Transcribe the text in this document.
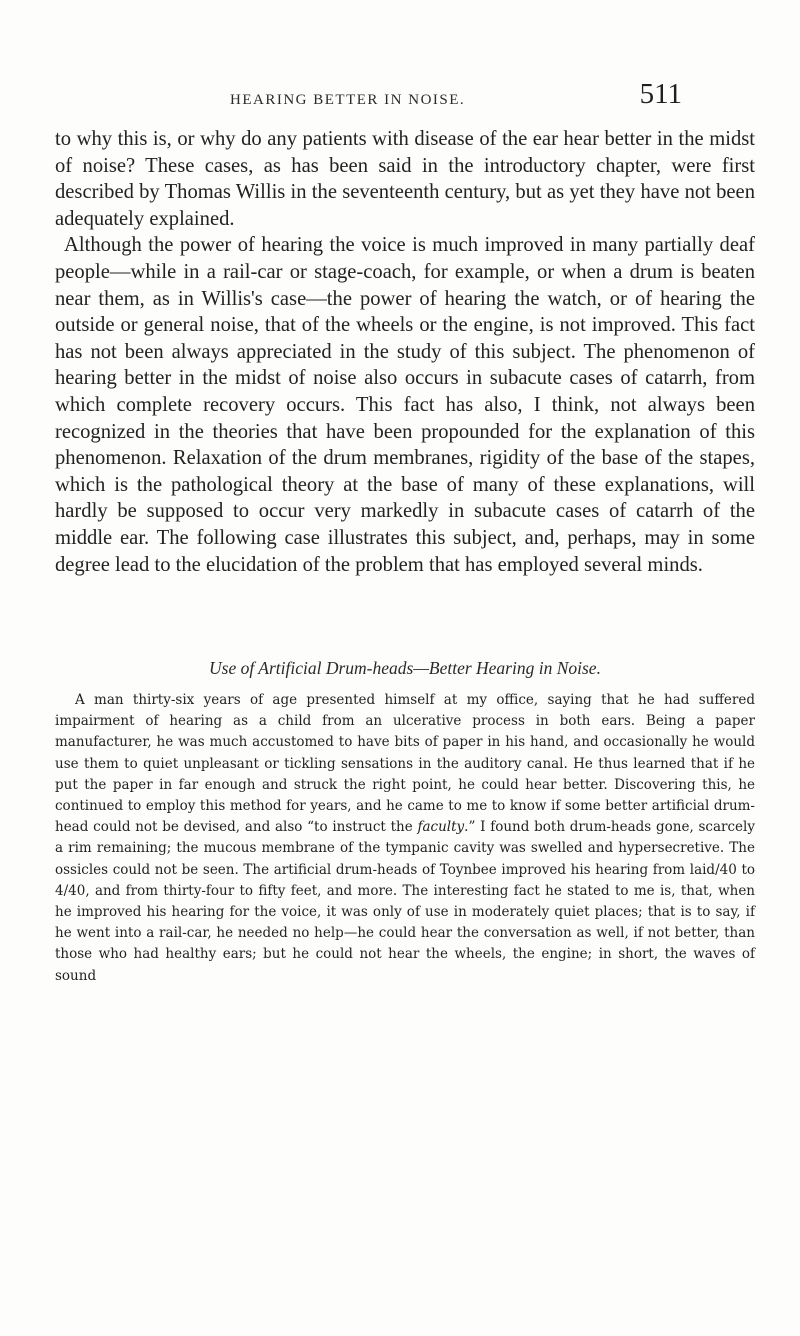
HEARING BETTER IN NOISE.	511

to why this is, or why do any patients with disease of the ear hear better in the midst of noise? These cases, as has been said in the introductory chapter, were first described by Thomas Willis in the seventeenth century, but as yet they have not been adequately explained.

Although the power of hearing the voice is much improved in many partially deaf people—while in a rail-car or stage-coach, for example, or when a drum is beaten near them, as in Willis's case—the power of hearing the watch, or of hearing the outside or general noise, that of the wheels or the engine, is not improved. This fact has not been always appreciated in the study of this subject. The phenomenon of hearing better in the midst of noise also occurs in subacute cases of catarrh, from which complete recovery occurs. This fact has also, I think, not always been recognized in the theories that have been propounded for the explanation of this phenomenon. Relaxation of the drum membranes, rigidity of the base of the stapes, which is the pathological theory at the base of many of these explanations, will hardly be supposed to occur very markedly in subacute cases of catarrh of the middle ear. The following case illustrates this subject, and, perhaps, may in some degree lead to the elucidation of the problem that has employed several minds.

Use of Artificial Drum-heads—Better Hearing in Noise.

A man thirty-six years of age presented himself at my office, saying that he had suffered impairment of hearing as a child from an ulcerative process in both ears. Being a paper manufacturer, he was much accustomed to have bits of paper in his hand, and occasionally he would use them to quiet unpleasant or tickling sensations in the auditory canal. He thus learned that if he put the paper in far enough and struck the right point, he could hear better. Discovering this, he continued to employ this method for years, and he came to me to know if some better artificial drum-head could not be devised, and also “to instruct the faculty.” I found both drum-heads gone, scarcely a rim remaining; the mucous membrane of the tympanic cavity was swelled and hypersecretive. The ossicles could not be seen. The artificial drum-heads of Toynbee improved his hearing from laid/40 to 4/40, and from thirty-four to fifty feet, and more. The interesting fact he stated to me is, that, when he improved his hearing for the voice, it was only of use in moderately quiet places; that is to say, if he went into a rail-car, he needed no help—he could hear the conversation as well, if not better, than those who had healthy ears; but he could not hear the wheels, the engine; in short, the waves of sound
